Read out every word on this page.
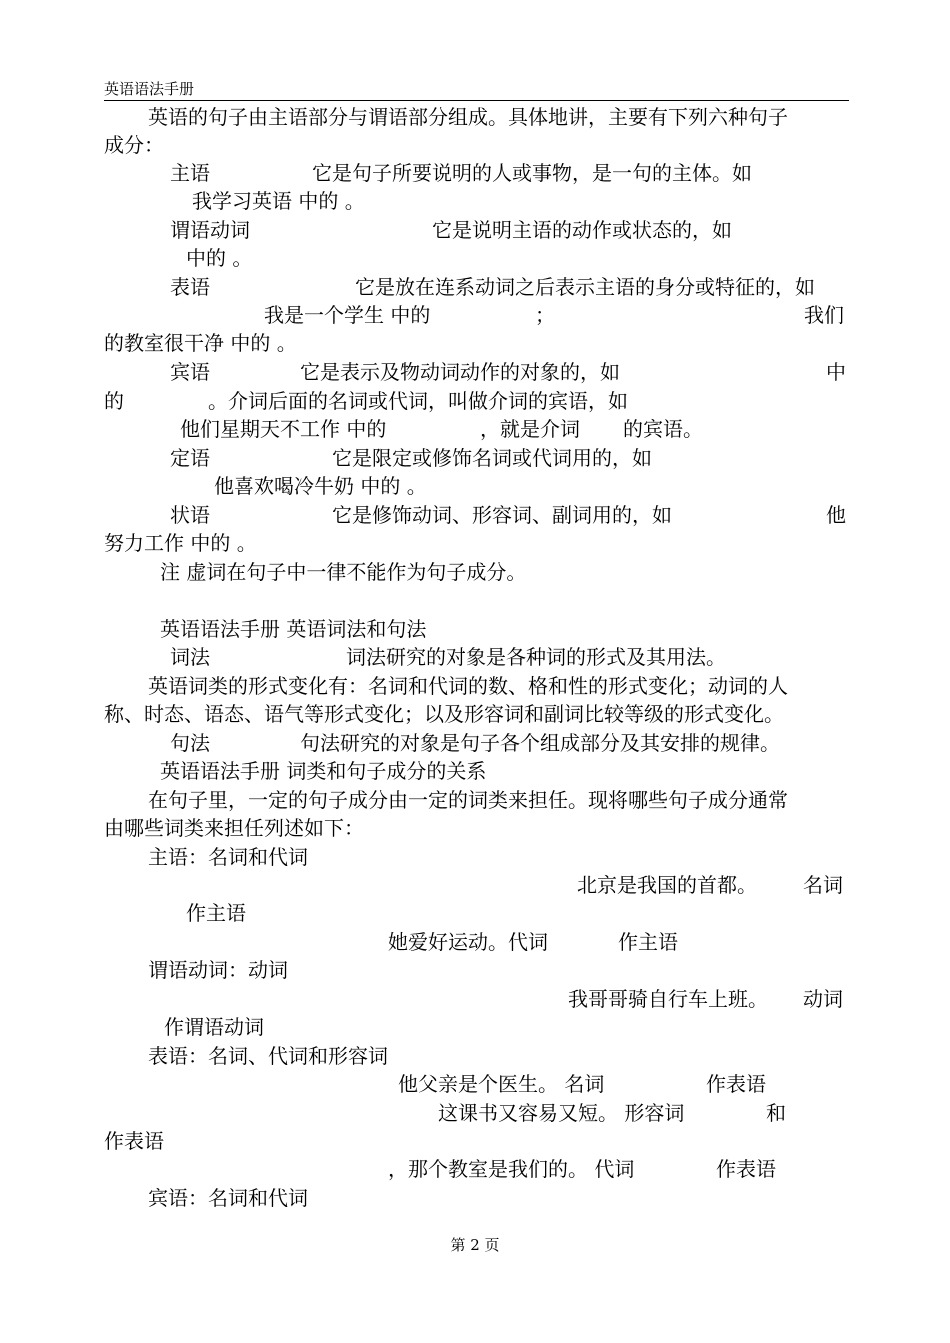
英语语法手册
英语的句子由主语部分与谓语部分组成。具体地讲，主要有下列六种句子
成分：
主语	它是句子所要说明的人或事物，是一句的主体。如
我学习英语 中的 。
谓语动词	它是说明主语的动作或状态的，如
中的 。
表语	它是放在连系动词之后表示主语的身分或特征的，如
我是一个学生 中的	；	我们
的教室很干净 中的 。
宾语	它是表示及物动词动作的对象的，如	中
的	。介词后面的名词或代词，叫做介词的宾语，如
他们星期天不工作 中的	，就是介词 的宾语。
定语	它是限定或修饰名词或代词用的，如
他喜欢喝冷牛奶 中的 。
状语	它是修饰动词、形容词、副词用的，如	他
努力工作 中的 。
注 虚词在句子中一律不能作为句子成分。
英语语法手册 英语词法和句法
词法	词法研究的对象是各种词的形式及其用法。
英语词类的形式变化有：名词和代词的数、格和性的形式变化；动词的人
称、时态、语态、语气等形式变化；以及形容词和副词比较等级的形式变化。
句法	句法研究的对象是句子各个组成部分及其安排的规律。
英语语法手册 词类和句子成分的关系
在句子里，一定的句子成分由一定的词类来担任。现将哪些句子成分通常
由哪些词类来担任列述如下：
主语：名词和代词
北京是我国的首都。 名词
作主语
她爱好运动。代词	作主语
谓语动词：动词
我哥哥骑自行车上班。 动词
作谓语动词
表语：名词、代词和形容词
他父亲是个医生。 名词	作表语
这课书又容易又短。 形容词	和
作表语
，那个教室是我们的。 代词	作表语
宾语：名词和代词
第 2 页
